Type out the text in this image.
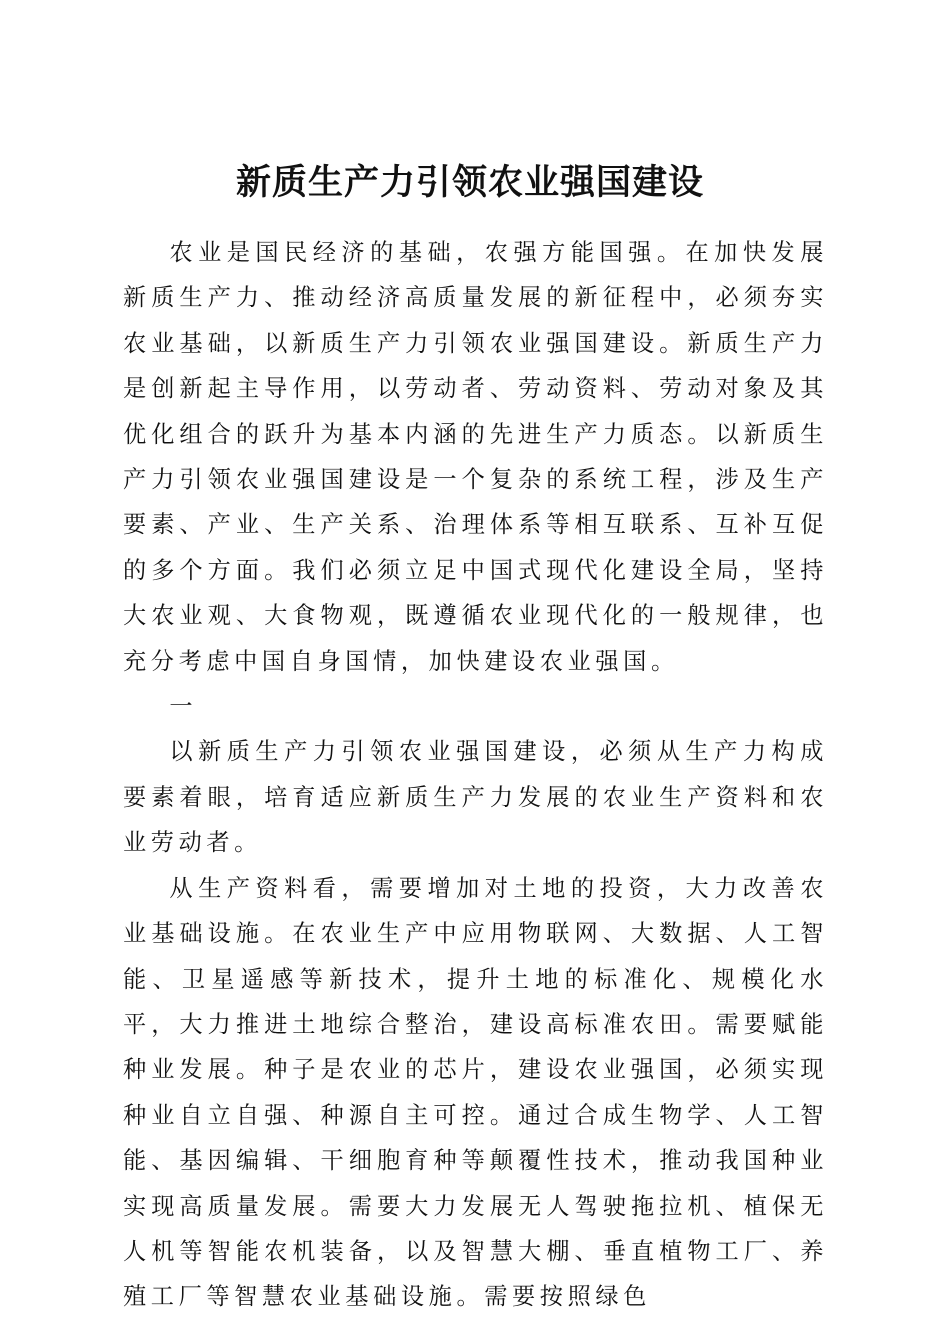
新质生产力引领农业强国建设

农业是国民经济的基础，农强方能国强。在加快发展新质生产力、推动经济高质量发展的新征程中，必须夯实农业基础，以新质生产力引领农业强国建设。新质生产力是创新起主导作用，以劳动者、劳动资料、劳动对象及其优化组合的跃升为基本内涵的先进生产力质态。以新质生产力引领农业强国建设是一个复杂的系统工程，涉及生产要素、产业、生产关系、治理体系等相互联系、互补互促的多个方面。我们必须立足中国式现代化建设全局，坚持大农业观、大食物观，既遵循农业现代化的一般规律，也充分考虑中国自身国情，加快建设农业强国。

一

以新质生产力引领农业强国建设，必须从生产力构成要素着眼，培育适应新质生产力发展的农业生产资料和农业劳动者。

从生产资料看，需要增加对土地的投资，大力改善农业基础设施。在农业生产中应用物联网、大数据、人工智能、卫星遥感等新技术，提升土地的标准化、规模化水平，大力推进土地综合整治，建设高标准农田。需要赋能种业发展。种子是农业的芯片，建设农业强国，必须实现种业自立自强、种源自主可控。通过合成生物学、人工智能、基因编辑、干细胞育种等颠覆性技术，推动我国种业实现高质量发展。需要大力发展无人驾驶拖拉机、植保无人机等智能农机装备，以及智慧大棚、垂直植物工厂、养殖工厂等智慧农业基础设施。需要按照绿色
